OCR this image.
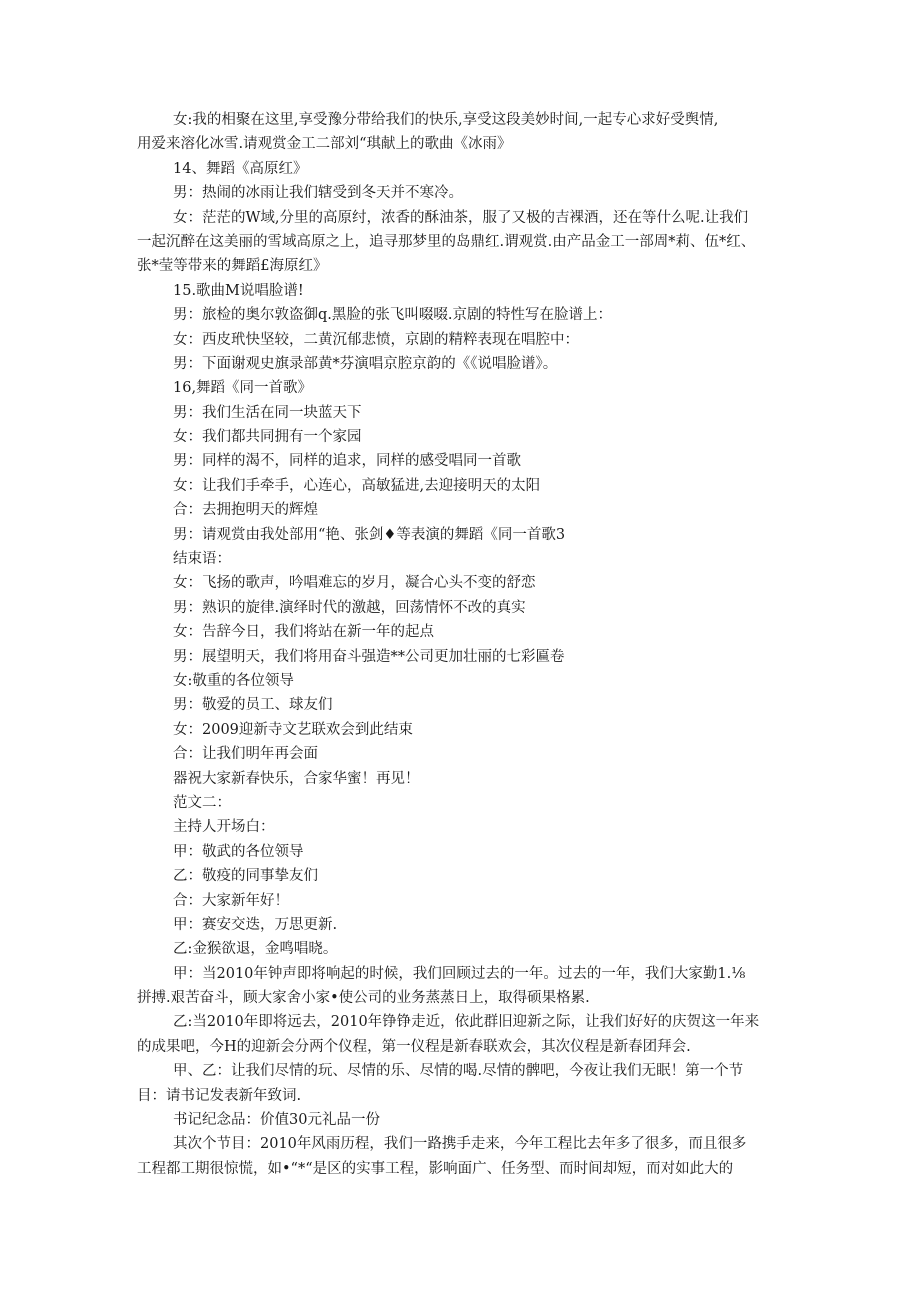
女:我的相聚在这里,享受豫分带给我们的快乐,享受这段美妙时间,一起专心求好受舆情,

用爱来溶化冰雪.请观赏金工二部刘“琪献上的歌曲《冰雨》

14、舞蹈《高原红》

男：热闹的冰雨让我们辖受到冬天并不寒冷。

女：茫茫的W域,分里的高原纣，浓香的酥油茶，服了又极的吉裸酒，还在等什么呢.让我们

一起沉醉在这美丽的雪域高原之上，追寻那梦里的岛鼎红.谓观赏.由产品金工一部周*莉、伍*红、

张*莹等带来的舞蹈£海原红》

15.歌曲M说唱脸谱!

男：旅检的奥尔敦盗御q.黑脸的张飞叫啜啜.京剧的特性写在脸谱上：

女：西皮玳快坚较，二黄沉郁悲愤，京剧的精粹表现在唱腔中：

男：下面谢观史旗录部黄*芬演唱京腔京韵的《《说唱脸谱》。

16,舞蹈《同一首歌》

男：我们生活在同一块蓝天下

女：我们都共同拥有一个家园

男：同样的渴不，同样的追求，同样的感受唱同一首歌

女：让我们手牵手，心连心，高敏猛进,去迎接明天的太阳

合：去拥抱明天的辉煌

男：请观赏由我处部用“艳、张剑♦等表演的舞蹈《同一首歌3

结束语：

女：飞扬的歌声，吟唱难忘的岁月，凝合心头不变的舒恋

男：熟识的旋律.演绎时代的激越，回荡情怀不改的真实

女：告辞今日，我们将站在新一年的起点

男：展望明天，我们将用奋斗强造**公司更加壮丽的七彩匾卷

女:敬重的各位领导

男：敬爱的员工、球友们

女：2009迎新寺文艺联欢会到此结束

合：让我们明年再会面

器祝大家新春快乐，合家华蜜！再见！

范文二：

主持人开场白：

甲：敬武的各位领导

乙：敬疫的同事挚友们

合：大家新年好！

甲：赛安交迭，万思更新.

乙:金猴欲退，金鸣唱晓。

甲：当2010年钟声即将响起的时候，我们回顾过去的一年。过去的一年，我们大家勤1.⅛

拼搏.艰苦奋斗，顾大家舍小家•使公司的业务蒸蒸日上，取得硕果格累.

乙:当2010年即将远去，2010年铮铮走近，依此群旧迎新之际，让我们好好的庆贺这一年来

的成果吧，今H的迎新会分两个仪程，第一仪程是新春联欢会，其次仪程是新春团拜会.

甲、乙：让我们尽情的玩、尽情的乐、尽情的喝.尽情的髀吧，今夜让我们无眠！第一个节

目：请书记发表新年致词.

书记纪念品：价值30元礼品一份

其次个节目：2010年风雨历程，我们一路携手走来，今年工程比去年多了很多，而且很多

工程都工期很惊慌，如•“*“是区的实事工程，影响面广、任务型、而时间却短，而对如此大的
